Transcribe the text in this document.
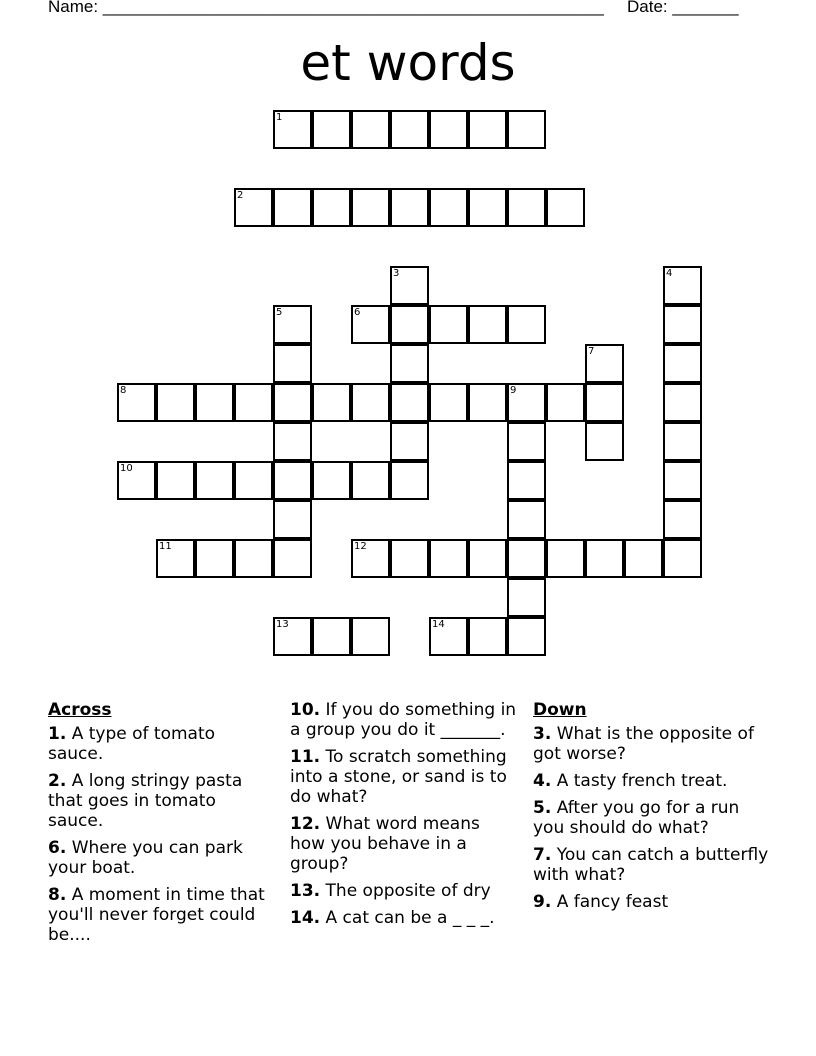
Name: _____________________________________________________ Date: _______
et words
1
2
3	4
5	6
7
8	9
10
11	12
13	14
Across
1. A type of tomato sauce.
2. A long stringy pasta that goes in tomato sauce.
6. Where you can park your boat.
8. A moment in time that you'll never forget could be....
10. If you do something in a group you do it _______.
11. To scratch something into a stone, or sand is to do what?
12. What word means how you behave in a group?
13. The opposite of dry
14. A cat can be a _ _ _.
Down
3. What is the opposite of got worse?
4. A tasty french treat.
5. After you go for a run you should do what?
7. You can catch a butterfly with what?
9. A fancy feast
